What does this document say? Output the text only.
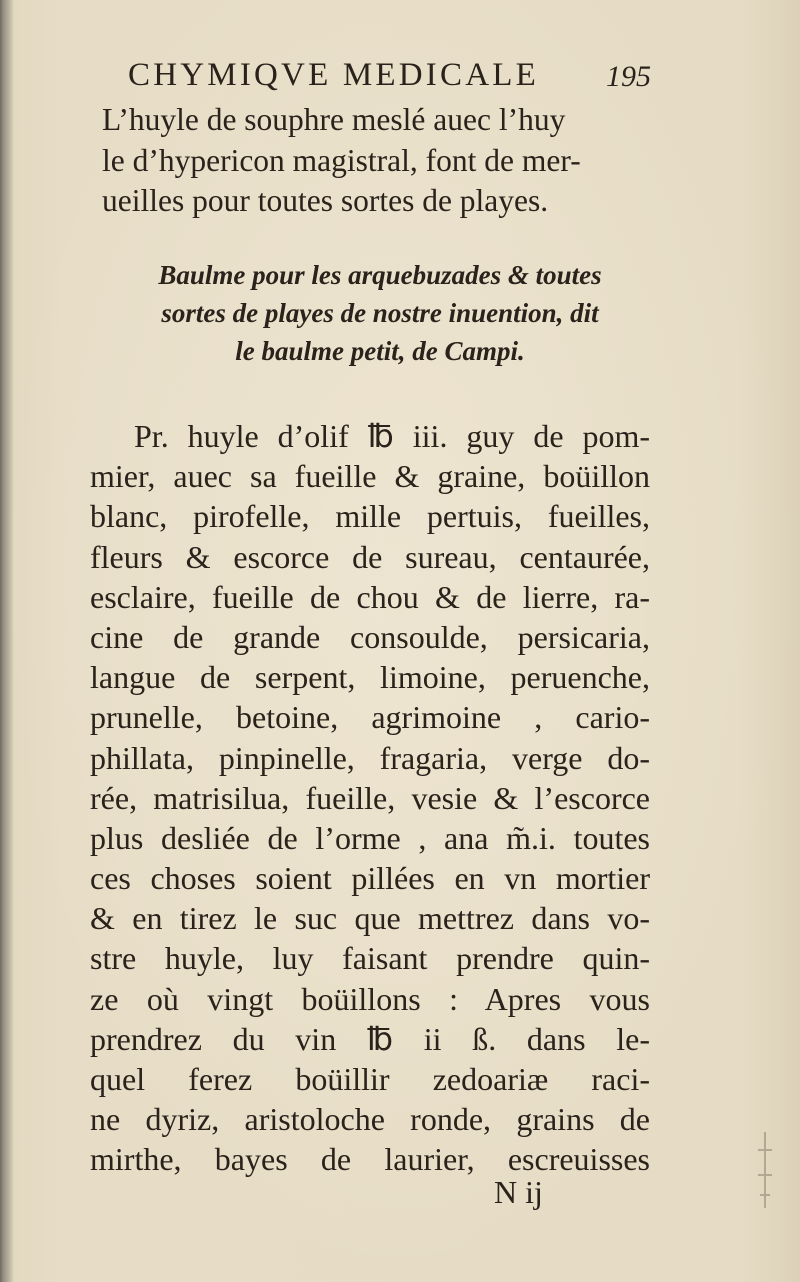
CHYMIQVE MEDICALE 195
L’huyle de souphre meslé auec l’huy
le d’hypericon magistral, font de mer-
ueilles pour toutes sortes de playes.
Baulme pour les arquebuzades & toutes
sortes de playes de nostre inuention, dit
le baulme petit, de Campi.
Pr. huyle d’olif ℔ iii. guy de pom-
mier, auec sa fueille & graine, boüillon
blanc, pirofelle, mille pertuis, fueilles,
fleurs & escorce de sureau, centaurée,
esclaire, fueille de chou & de lierre, ra-
cine de grande consoulde, persicaria,
langue de serpent, limoine, peruenche,
prunelle, betoine, agrimoine , cario-
phillata, pinpinelle, fragaria, verge do-
rée, matrisilua, fueille, vesie & l’escorce
plus desliée de l’orme , ana m̃.i. toutes
ces choses soient pillées en vn mortier
& en tirez le suc que mettrez dans vo-
stre huyle, luy faisant prendre quin-
ze où vingt boüillons : Apres vous
prendrez du vin ℔ ii ß. dans le-
quel ferez boüillir zedoariæ raci-
ne dyriz, aristoloche ronde, grains de
mirthe, bayes de laurier, escreuisses
N ij
